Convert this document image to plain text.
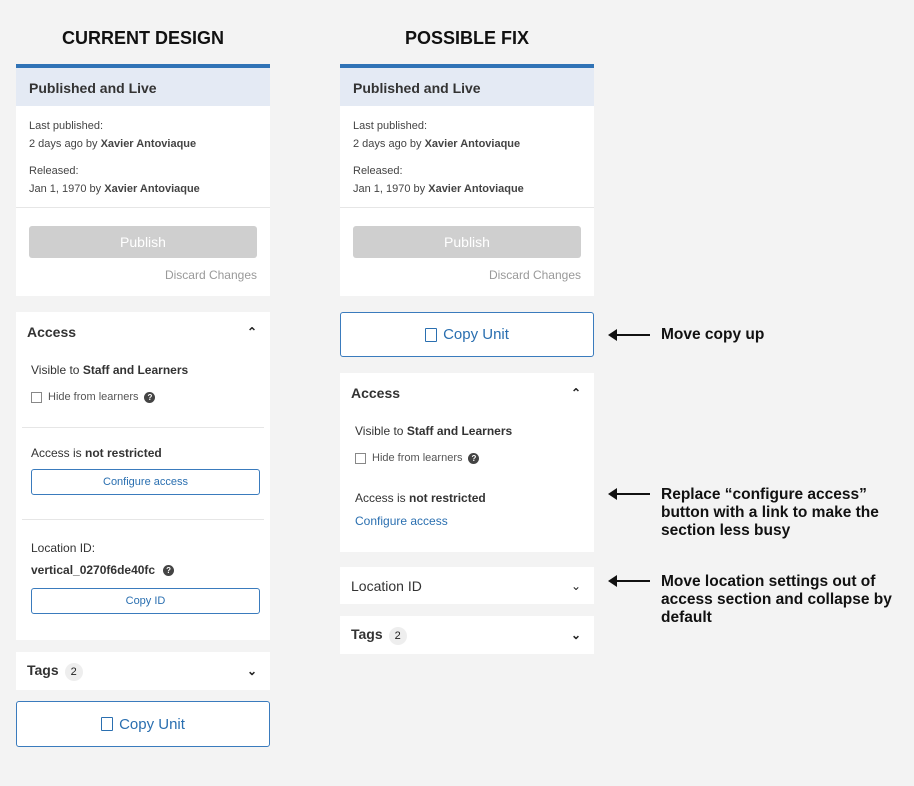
CURRENT DESIGN	POSSIBLE FIX
Published and Live
Last published:
2 days ago by Xavier Antoviaque
Released:
Jan 1, 1970 by Xavier Antoviaque
Publish
Discard Changes
Access	⌃
Visible to Staff and Learners
Hide from learners	?
Access is not restricted
Configure access
Location ID:
vertical_0270f6de40fc	?
Copy ID
Tags 2	⌄
Copy Unit
Published and Live
Last published:
2 days ago by Xavier Antoviaque
Released:
Jan 1, 1970 by Xavier Antoviaque
Publish
Discard Changes
Copy Unit
Access	⌃
Visible to Staff and Learners
Hide from learners	?
Access is not restricted
Configure access
Location ID	⌄
Tags 2	⌄
Move copy up
Replace “configure access” button with a link to make the section less busy
Move location settings out of access section and collapse by default
